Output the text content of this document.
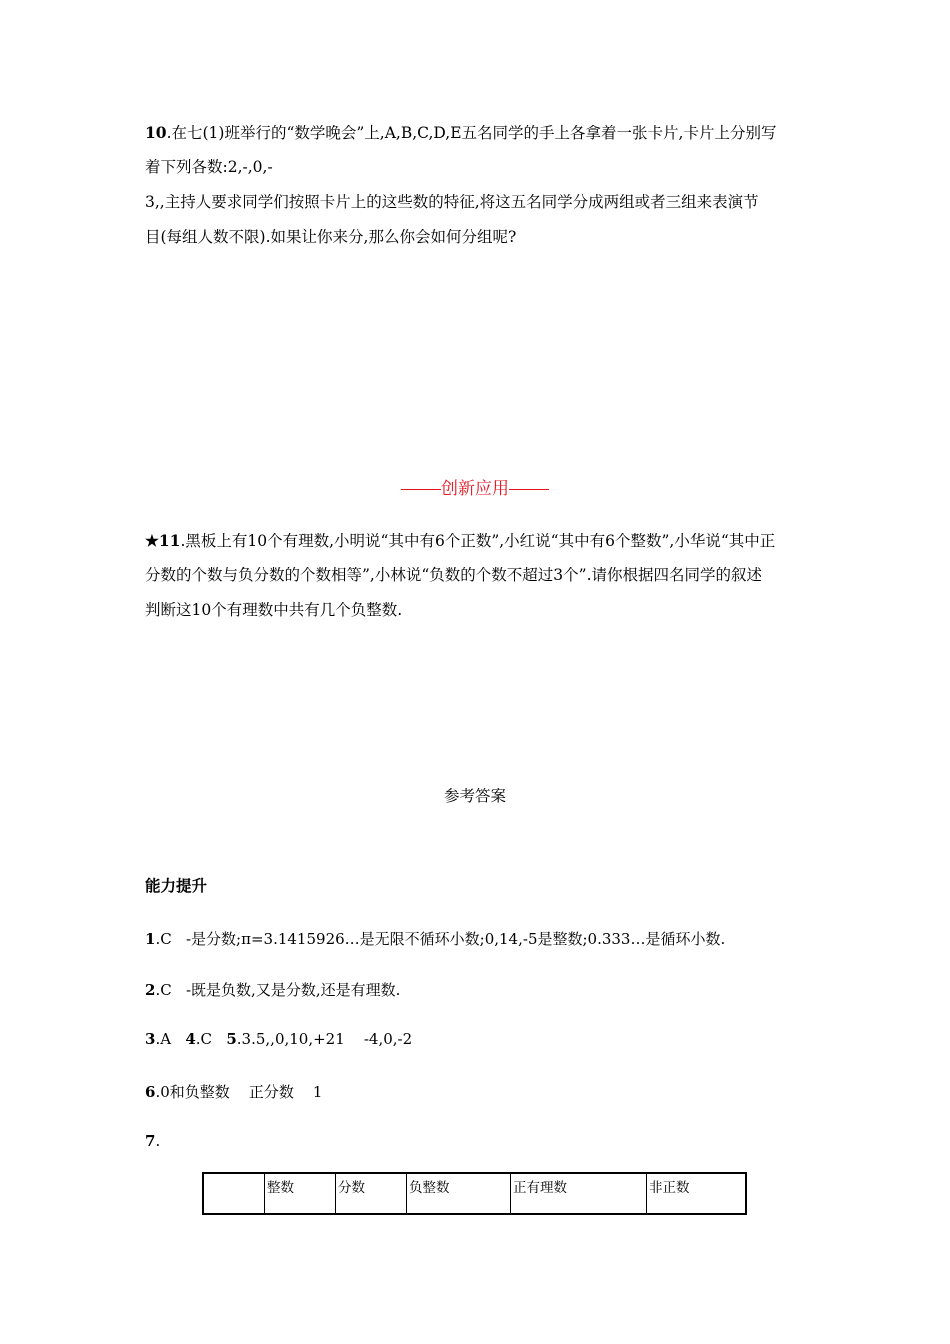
10.在七(1)班举行的“数学晚会”上,A,B,C,D,E五名同学的手上各拿着一张卡片,卡片上分别写

着下列各数:2,-,0,-

3,,主持人要求同学们按照卡片上的这些数的特征,将这五名同学分成两组或者三组来表演节

目(每组人数不限).如果让你来分,那么你会如何分组呢?

创新应用

★11.黑板上有10个有理数,小明说“其中有6个正数”,小红说“其中有6个整数”,小华说“其中正

分数的个数与负分数的个数相等”,小林说“负数的个数不超过3个”.请你根据四名同学的叙述

判断这10个有理数中共有几个负整数.

参考答案
能力提升
1.C   -是分数;π=3.1415926…是无限不循环小数;0,14,-5是整数;0.333…是循环小数.
2.C   -既是负数,又是分数,还是有理数.
3.A   4.C   5.3.5,,0,10,+21    -4,0,-2
6.0和负整数    正分数    1
7.
	整数	分数	负整数	正有理数	非正数
